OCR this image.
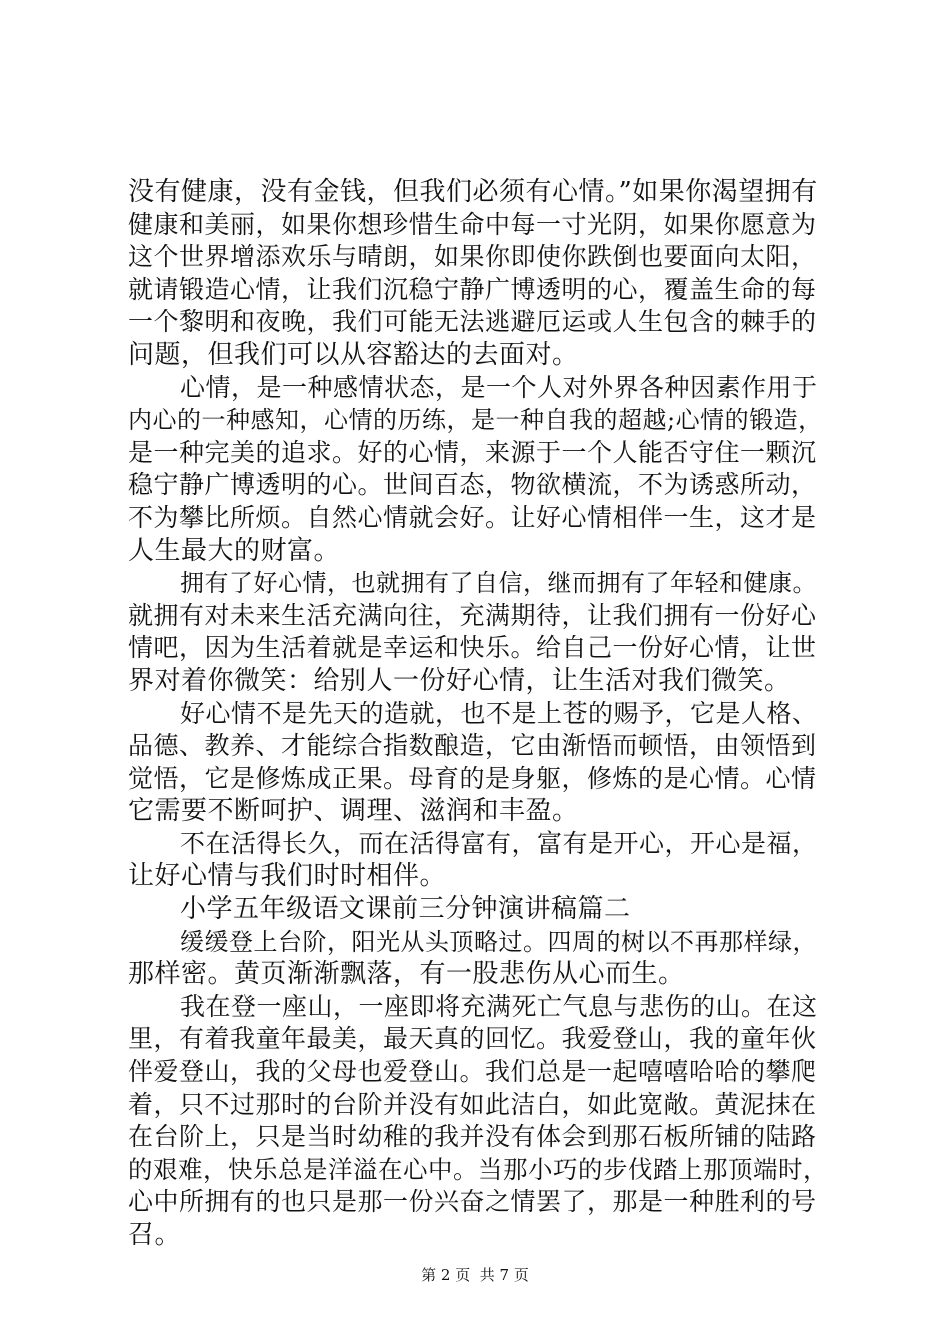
没有健康，没有金钱，但我们必须有心情。”如果你渴望拥有
健康和美丽，如果你想珍惜生命中每一寸光阴，如果你愿意为
这个世界增添欢乐与晴朗，如果你即使你跌倒也要面向太阳，
就请锻造心情，让我们沉稳宁静广博透明的心，覆盖生命的每
一个黎明和夜晚，我们可能无法逃避厄运或人生包含的棘手的
问题，但我们可以从容豁达的去面对。
心情，是一种感情状态，是一个人对外界各种因素作用于
内心的一种感知，心情的历练，是一种自我的超越;心情的锻造，
是一种完美的追求。好的心情，来源于一个人能否守住一颗沉
稳宁静广博透明的心。世间百态，物欲横流，不为诱惑所动，
不为攀比所烦。自然心情就会好。让好心情相伴一生，这才是
人生最大的财富。
拥有了好心情，也就拥有了自信，继而拥有了年轻和健康。
就拥有对未来生活充满向往，充满期待，让我们拥有一份好心
情吧，因为生活着就是幸运和快乐。给自己一份好心情，让世
界对着你微笑：给别人一份好心情，让生活对我们微笑。
好心情不是先天的造就，也不是上苍的赐予，它是人格、
品德、教养、才能综合指数酿造，它由渐悟而顿悟，由领悟到
觉悟，它是修炼成正果。母育的是身躯，修炼的是心情。心情
它需要不断呵护、调理、滋润和丰盈。
不在活得长久，而在活得富有，富有是开心，开心是福，
让好心情与我们时时相伴。
小学五年级语文课前三分钟演讲稿篇二
缓缓登上台阶，阳光从头顶略过。四周的树以不再那样绿，
那样密。黄页渐渐飘落，有一股悲伤从心而生。
我在登一座山，一座即将充满死亡气息与悲伤的山。在这
里，有着我童年最美，最天真的回忆。我爱登山，我的童年伙
伴爱登山，我的父母也爱登山。我们总是一起嘻嘻哈哈的攀爬
着，只不过那时的台阶并没有如此洁白，如此宽敞。黄泥抹在
在台阶上，只是当时幼稚的我并没有体会到那石板所铺的陆路
的艰难，快乐总是洋溢在心中。当那小巧的步伐踏上那顶端时，
心中所拥有的也只是那一份兴奋之情罢了，那是一种胜利的号
召。
第 2 页  共 7 页
